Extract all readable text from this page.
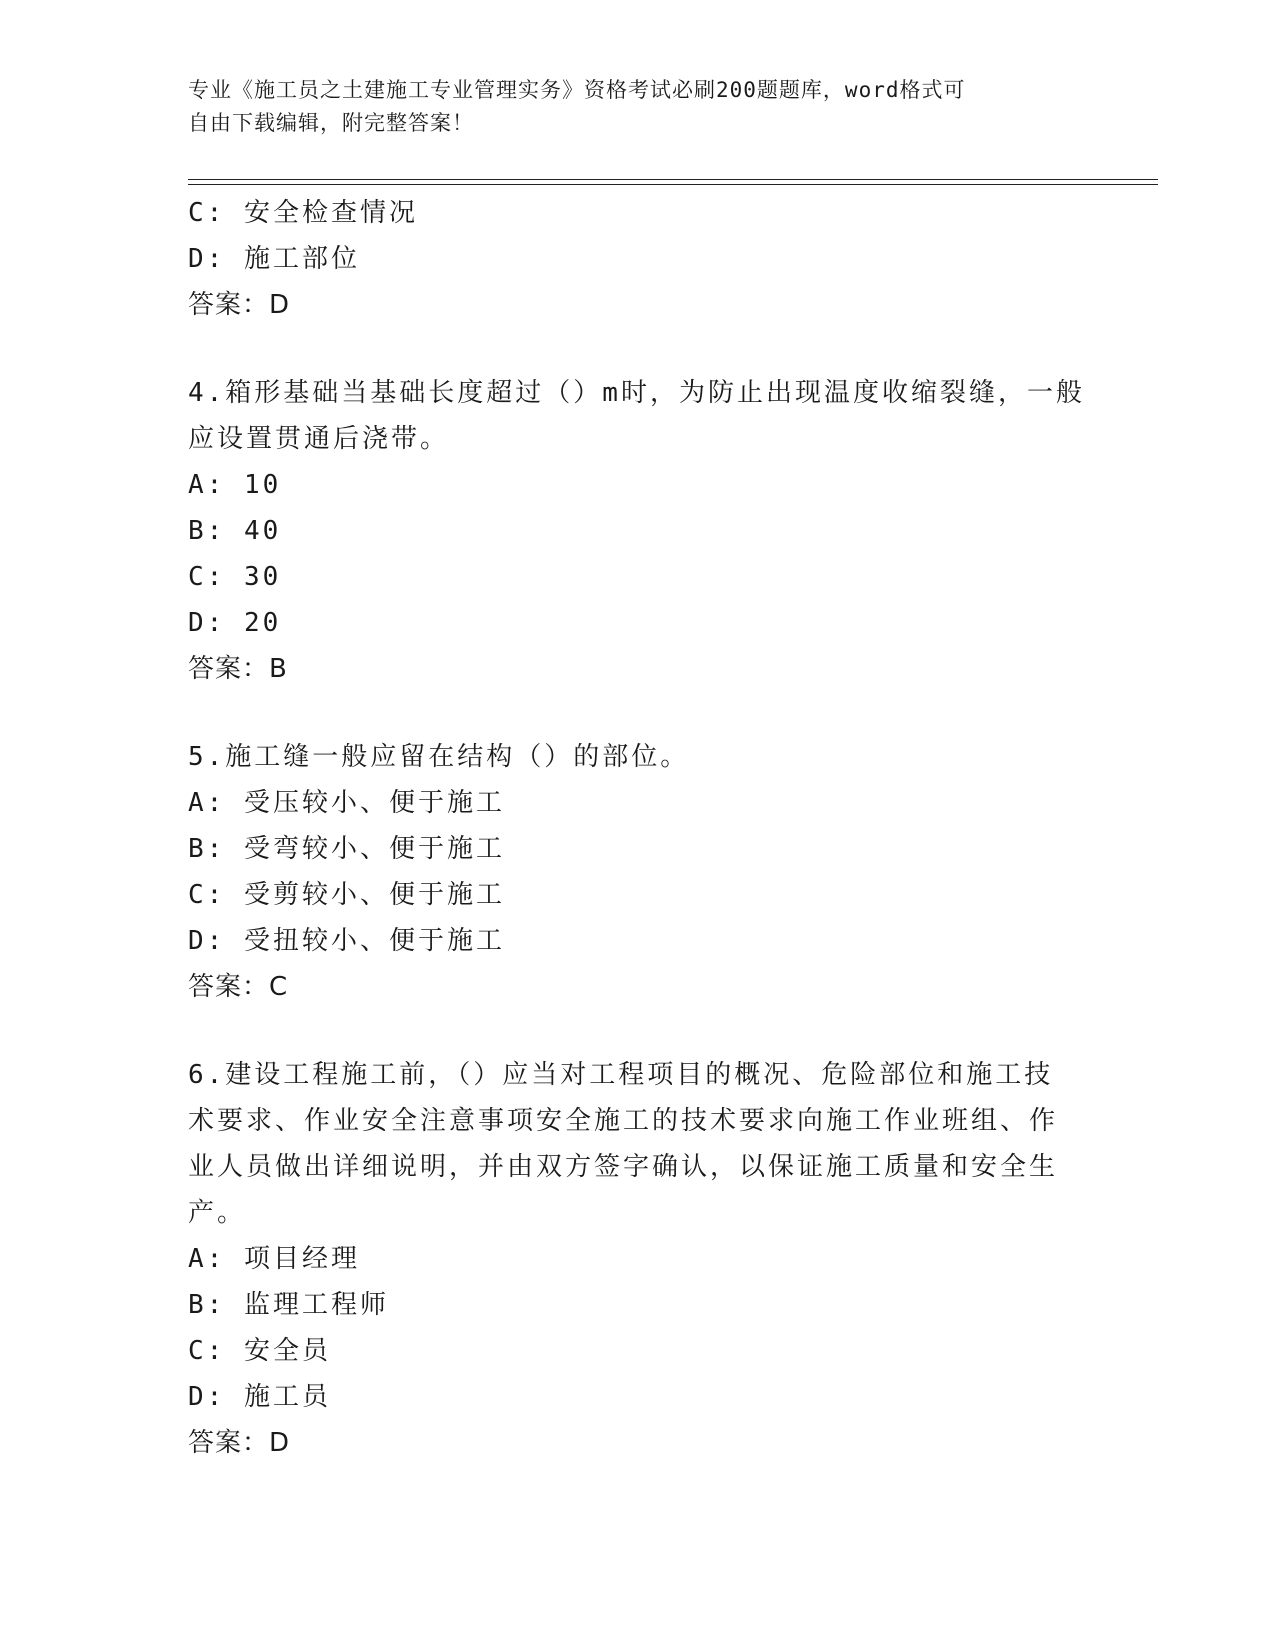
专业《施工员之土建施工专业管理实务》资格考试必刷200题题库，word格式可
自由下载编辑，附完整答案！
C: 安全检查情况
D: 施工部位
答案：D
4.箱形基础当基础长度超过（）m时，为防止出现温度收缩裂缝，一般
应设置贯通后浇带。
A: 10
B: 40
C: 30
D: 20
答案：B
5.施工缝一般应留在结构（）的部位。
A: 受压较小、便于施工
B: 受弯较小、便于施工
C: 受剪较小、便于施工
D: 受扭较小、便于施工
答案：C
6.建设工程施工前，（）应当对工程项目的概况、危险部位和施工技
术要求、作业安全注意事项安全施工的技术要求向施工作业班组、作
业人员做出详细说明，并由双方签字确认，以保证施工质量和安全生
产。
A: 项目经理
B: 监理工程师
C: 安全员
D: 施工员
答案：D
